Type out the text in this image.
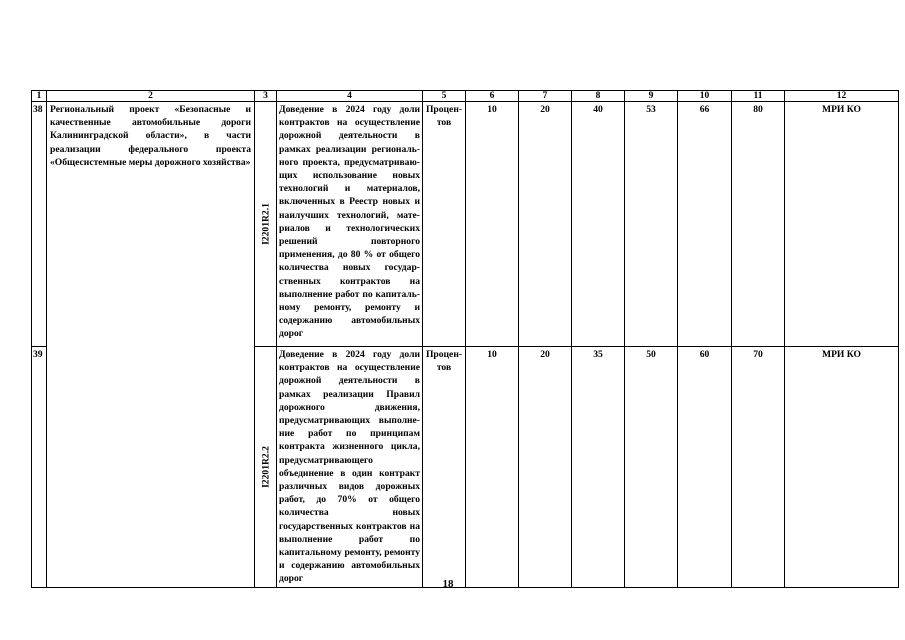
1	2	3	4	5	6	7	8	9	10	11	12
38	Региональный проект «Безопасные и качественные автомобильные дороги Калининградской области», в части реализации федерального проекта «Общесистемные меры дорожного хозяйства»	I2201R2.1	Доведение в 2024 году доли контрактов на осуществление дорожной деятельности в рамках реализации региональ-ного проекта, предусматриваю-щих использование новых технологий и материалов, включенных в Реестр новых и наилучших технологий, мате-риалов и технологических решений повторного применения, до 80 % от общего количества новых государ-ственных контрактов на выполнение работ по капиталь-ному ремонту, ремонту и содержанию автомобильных дорог	Процен-тов	10	20	40	53	66	80	МРИ КО
39		I2201R2.2	Доведение в 2024 году доли контрактов на осуществление дорожной деятельности в рамках реализации Правил дорожного движения, предусматривающих выполне-ние работ по принципам контракта жизненного цикла, предусматривающего объединение в один контракт различных видов дорожных работ, до 70% от общего количества новых государственных контрактов на выполнение работ по капитальному ремонту, ремонту и содержанию автомобильных дорог	Процен-тов	10	20	35	50	60	70	МРИ КО
18
